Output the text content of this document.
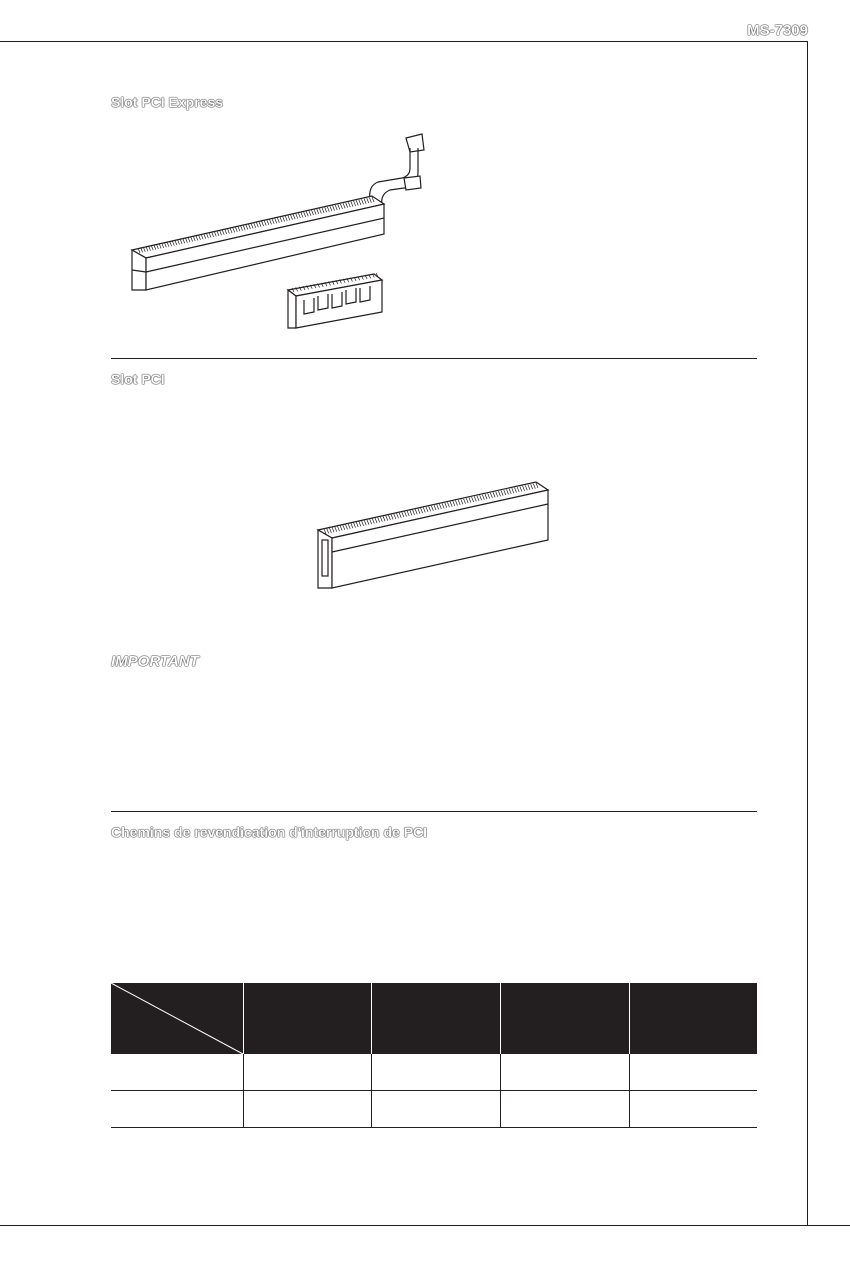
MS-7309
Slot PCI Express
Slot PCI
IMPORTANT
Chemins de revendication d'interruption de PCI
